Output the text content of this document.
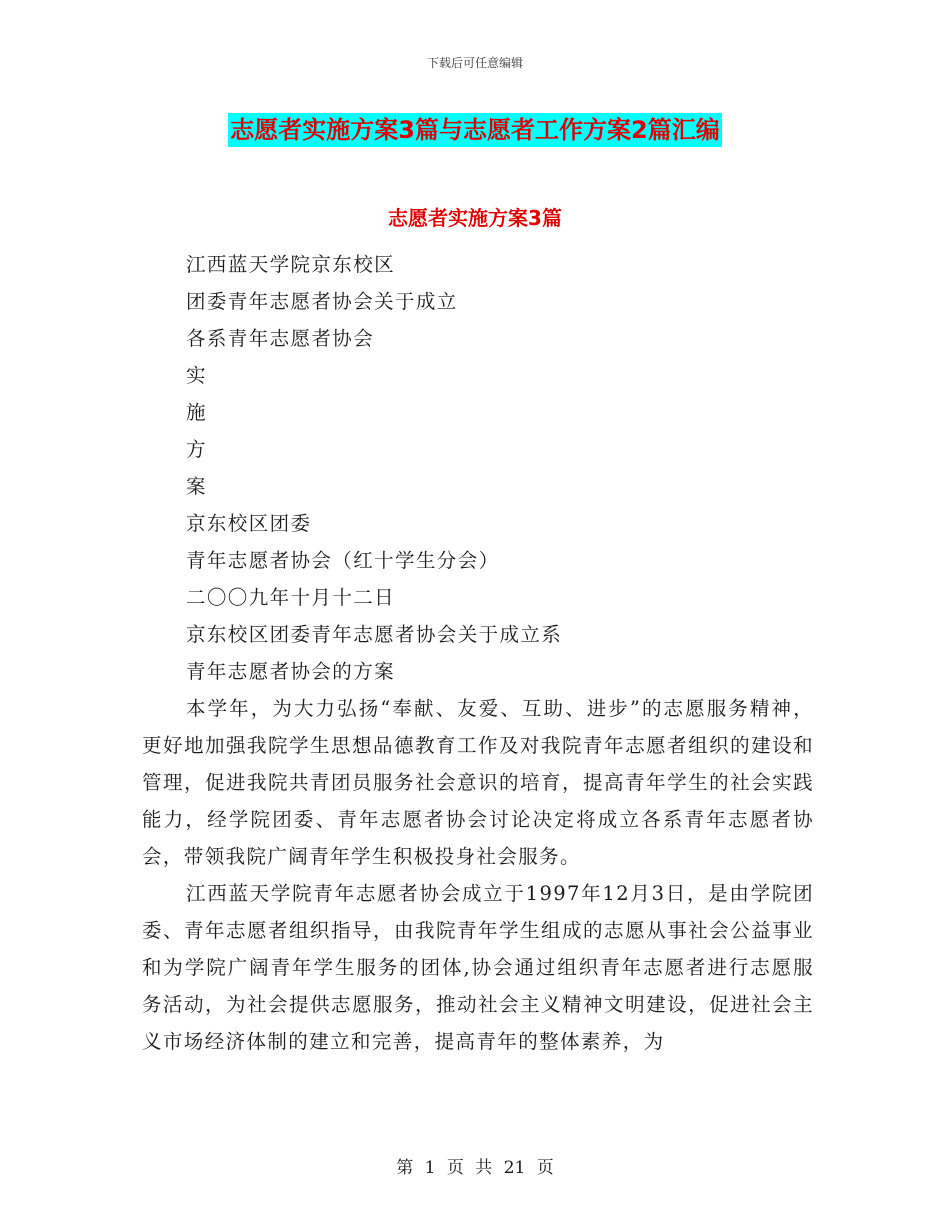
下载后可任意编辑
志愿者实施方案3篇与志愿者工作方案2篇汇编
志愿者实施方案3篇
江西蓝天学院京东校区
团委青年志愿者协会关于成立
各系青年志愿者协会
实
施
方
案
京东校区团委
青年志愿者协会（红十学生分会）
二〇〇九年十月十二日
京东校区团委青年志愿者协会关于成立系
青年志愿者协会的方案

本学年，为大力弘扬“奉献、友爱、互助、进步”的志愿服务精神，更好地加强我院学生思想品德教育工作及对我院青年志愿者组织的建设和管理，促进我院共青团员服务社会意识的培育，提高青年学生的社会实践能力，经学院团委、青年志愿者协会讨论决定将成立各系青年志愿者协会，带领我院广阔青年学生积极投身社会服务。

江西蓝天学院青年志愿者协会成立于1997年12月3日，是由学院团委、青年志愿者组织指导，由我院青年学生组成的志愿从事社会公益事业和为学院广阔青年学生服务的团体,协会通过组织青年志愿者进行志愿服务活动，为社会提供志愿服务，推动社会主义精神文明建设，促进社会主义市场经济体制的建立和完善，提高青年的整体素养，为

第 1 页 共 21 页
